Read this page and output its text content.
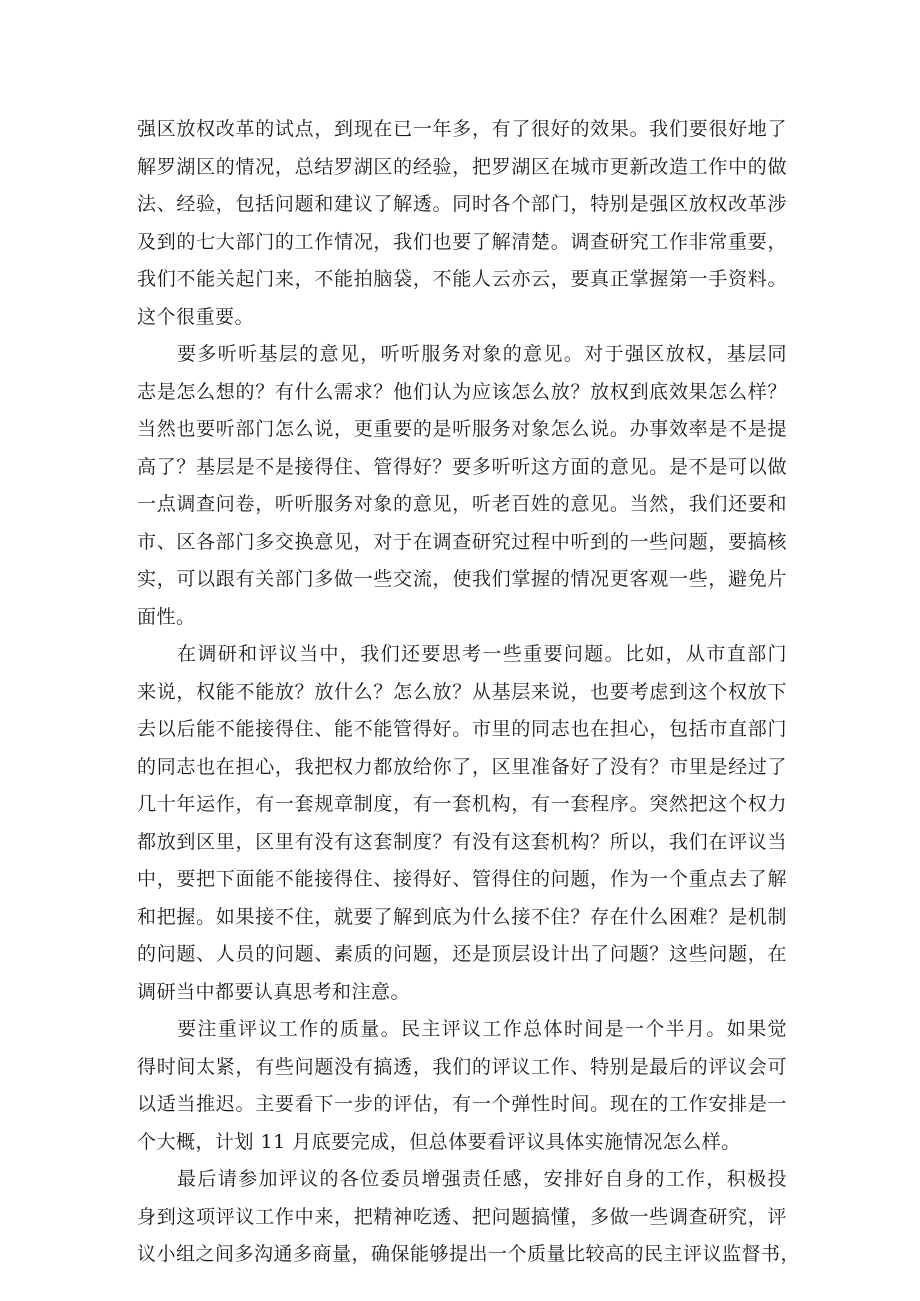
强区放权改革的试点，到现在已一年多，有了很好的效果。我们要很好地了
解罗湖区的情况，总结罗湖区的经验，把罗湖区在城市更新改造工作中的做
法、经验，包括问题和建议了解透。同时各个部门，特别是强区放权改革涉
及到的七大部门的工作情况，我们也要了解清楚。调查研究工作非常重要，
我们不能关起门来，不能拍脑袋，不能人云亦云，要真正掌握第一手资料。
这个很重要。
要多听听基层的意见，听听服务对象的意见。对于强区放权，基层同
志是怎么想的？有什么需求？他们认为应该怎么放？放权到底效果怎么样？
当然也要听部门怎么说，更重要的是听服务对象怎么说。办事效率是不是提
高了？基层是不是接得住、管得好？要多听听这方面的意见。是不是可以做
一点调查问卷，听听服务对象的意见，听老百姓的意见。当然，我们还要和
市、区各部门多交换意见，对于在调查研究过程中听到的一些问题，要搞核
实，可以跟有关部门多做一些交流，使我们掌握的情况更客观一些，避免片
面性。
在调研和评议当中，我们还要思考一些重要问题。比如，从市直部门
来说，权能不能放？放什么？怎么放？从基层来说，也要考虑到这个权放下
去以后能不能接得住、能不能管得好。市里的同志也在担心，包括市直部门
的同志也在担心，我把权力都放给你了，区里准备好了没有？市里是经过了
几十年运作，有一套规章制度，有一套机构，有一套程序。突然把这个权力
都放到区里，区里有没有这套制度？有没有这套机构？所以，我们在评议当
中，要把下面能不能接得住、接得好、管得住的问题，作为一个重点去了解
和把握。如果接不住，就要了解到底为什么接不住？存在什么困难？是机制
的问题、人员的问题、素质的问题，还是顶层设计出了问题？这些问题，在
调研当中都要认真思考和注意。
要注重评议工作的质量。民主评议工作总体时间是一个半月。如果觉
得时间太紧，有些问题没有搞透，我们的评议工作、特别是最后的评议会可
以适当推迟。主要看下一步的评估，有一个弹性时间。现在的工作安排是一
个大概，计划 11 月底要完成，但总体要看评议具体实施情况怎么样。
最后请参加评议的各位委员增强责任感，安排好自身的工作，积极投
身到这项评议工作中来，把精神吃透、把问题搞懂，多做一些调查研究，评
议小组之间多沟通多商量，确保能够提出一个质量比较高的民主评议监督书，
